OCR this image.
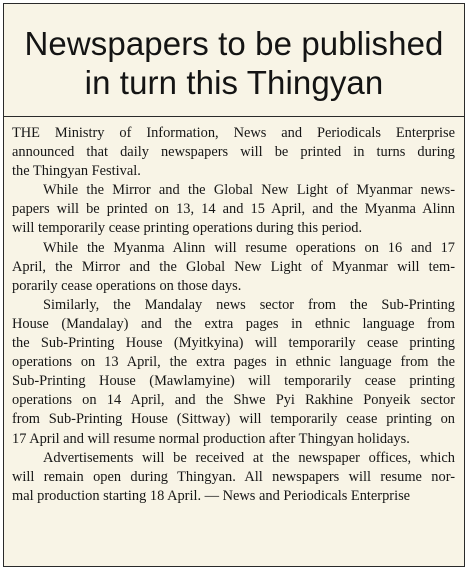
Newspapers to be published
in turn this Thingyan

THE Ministry of Information, News and Periodicals Enterprise
announced that daily newspapers will be printed in turns during
the Thingyan Festival.

While the Mirror and the Global New Light of Myanmar news-
papers will be printed on 13, 14 and 15 April, and the Myanma Alinn
will temporarily cease printing operations during this period.

While the Myanma Alinn will resume operations on 16 and 17
April, the Mirror and the Global New Light of Myanmar will tem-
porarily cease operations on those days.

Similarly, the Mandalay news sector from the Sub-Printing
House (Mandalay) and the extra pages in ethnic language from
the Sub-Printing House (Myitkyina) will temporarily cease printing
operations on 13 April, the extra pages in ethnic language from the
Sub-Printing House (Mawlamyine) will temporarily cease printing
operations on 14 April, and the Shwe Pyi Rakhine Ponyeik sector
from Sub-Printing House (Sittway) will temporarily cease printing on
17 April and will resume normal production after Thingyan holidays.

Advertisements will be received at the newspaper offices, which
will remain open during Thingyan. All newspapers will resume nor-
mal production starting 18 April. — News and Periodicals Enterprise
